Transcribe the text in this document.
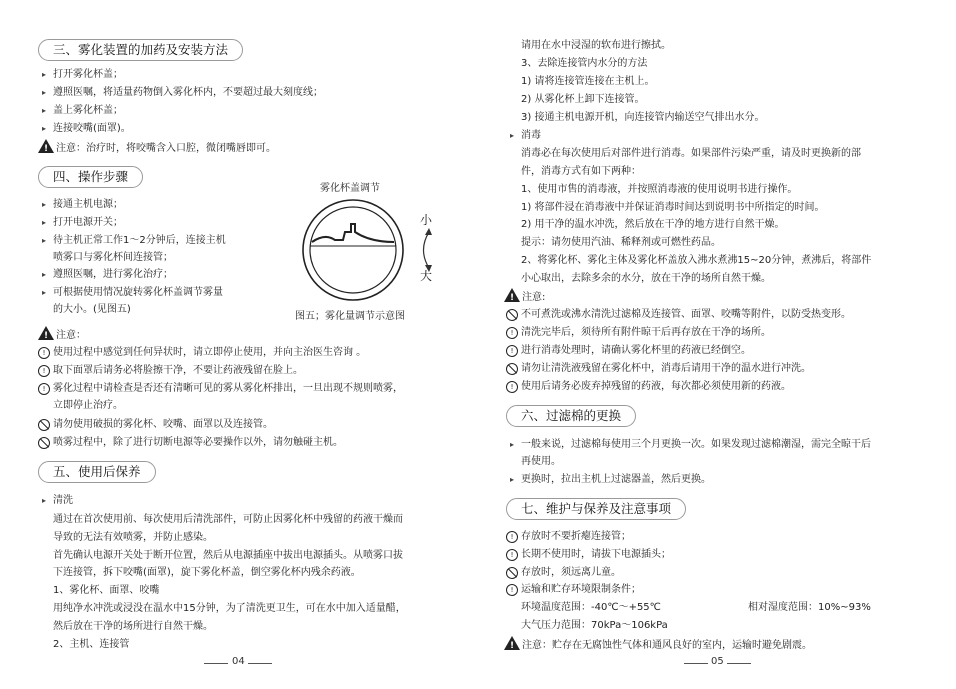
三、雾化装置的加药及安装方法
▸ 打开雾化杯盖；
▸ 遵照医嘱，将适量药物倒入雾化杯内，不要超过最大刻度线；
▸ 盖上雾化杯盖；
▸ 连接咬嘴(面罩)。
!注意：治疗时，将咬嘴含入口腔，微闭嘴唇即可。
四、操作步骤
▸ 接通主机电源；
▸ 打开电源开关；
▸ 待主机正常工作1～2分钟后，连接主机
喷雾口与雾化杯间连接管；
▸ 遵照医嘱，进行雾化治疗；
▸ 可根据使用情况旋转雾化杯盖调节雾量
的大小。(见图五)
雾化杯盖调节
小
大
图五；雾化量调节示意图
!注意：
! 使用过程中感觉到任何异状时，请立即停止使用，并向主治医生咨询 。
! 取下面罩后请务必将脸擦干净，不要让药液残留在脸上。
! 雾化过程中请检查是否还有清晰可见的雾从雾化杯排出，一旦出现不规则喷雾，
立即停止治疗。
请勿使用破损的雾化杯、咬嘴、面罩以及连接管。
喷雾过程中，除了进行切断电源等必要操作以外，请勿触碰主机。
五、使用后保养
▸ 清洗
通过在首次使用前、每次使用后清洗部件，可防止因雾化杯中残留的药液干燥而
导致的无法有效喷雾，并防止感染。
首先确认电源开关处于断开位置，然后从电源插座中拔出电源插头。从喷雾口拔
下连接管，拆下咬嘴(面罩)，旋下雾化杯盖，倒空雾化杯内残余药液。
1、雾化杯、面罩、咬嘴
用纯净水冲洗或浸没在温水中15分钟，为了清洗更卫生，可在水中加入适量醋，
然后放在干净的场所进行自然干燥。
2、主机、连接管
04
请用在水中浸湿的软布进行擦拭。
3、去除连接管内水分的方法
1) 请将连接管连接在主机上。
2) 从雾化杯上卸下连接管。
3) 接通主机电源开机，向连接管内输送空气排出水分。
▸ 消毒
消毒必在每次使用后对部件进行消毒。如果部件污染严重，请及时更换新的部
件，消毒方式有如下两种：
1、使用市售的消毒液，并按照消毒液的使用说明书进行操作。
1) 将部件浸在消毒液中并保证消毒时间达到说明书中所指定的时间。
2) 用干净的温水冲洗，然后放在干净的地方进行自然干燥。
提示：请勿使用汽油、稀释剂或可燃性药品。
2、将雾化杯、雾化主体及雾化杯盖放入沸水煮沸15~20分钟，煮沸后，将部件
小心取出，去除多余的水分，放在干净的场所自然干燥。
!注意:
不可煮洗或沸水清洗过滤棉及连接管、面罩、咬嘴等附件，以防受热变形。
! 清洗完毕后，须待所有附件晾干后再存放在干净的场所。
! 进行消毒处理时，请确认雾化杯里的药液已经倒空。
请勿让清洗液残留在雾化杯中，消毒后请用干净的温水进行冲洗。
! 使用后请务必废弃掉残留的药液，每次都必须使用新的药液。
六、过滤棉的更换
▸ 一般来说，过滤棉每使用三个月更换一次。如果发现过滤棉潮湿，需完全晾干后
再使用。
▸ 更换时，拉出主机上过滤器盖，然后更换。
七、维护与保养及注意事项
! 存放时不要折瘪连接管；
! 长期不使用时，请拔下电源插头；
存放时，须远离儿童。
! 运输和贮存环境限制条件；
环境温度范围：-40℃～+55℃	相对湿度范围：10%~93%
大气压力范围：70kPa～106kPa
!注意：贮存在无腐蚀性气体和通风良好的室内，运输时避免剧震。
05
